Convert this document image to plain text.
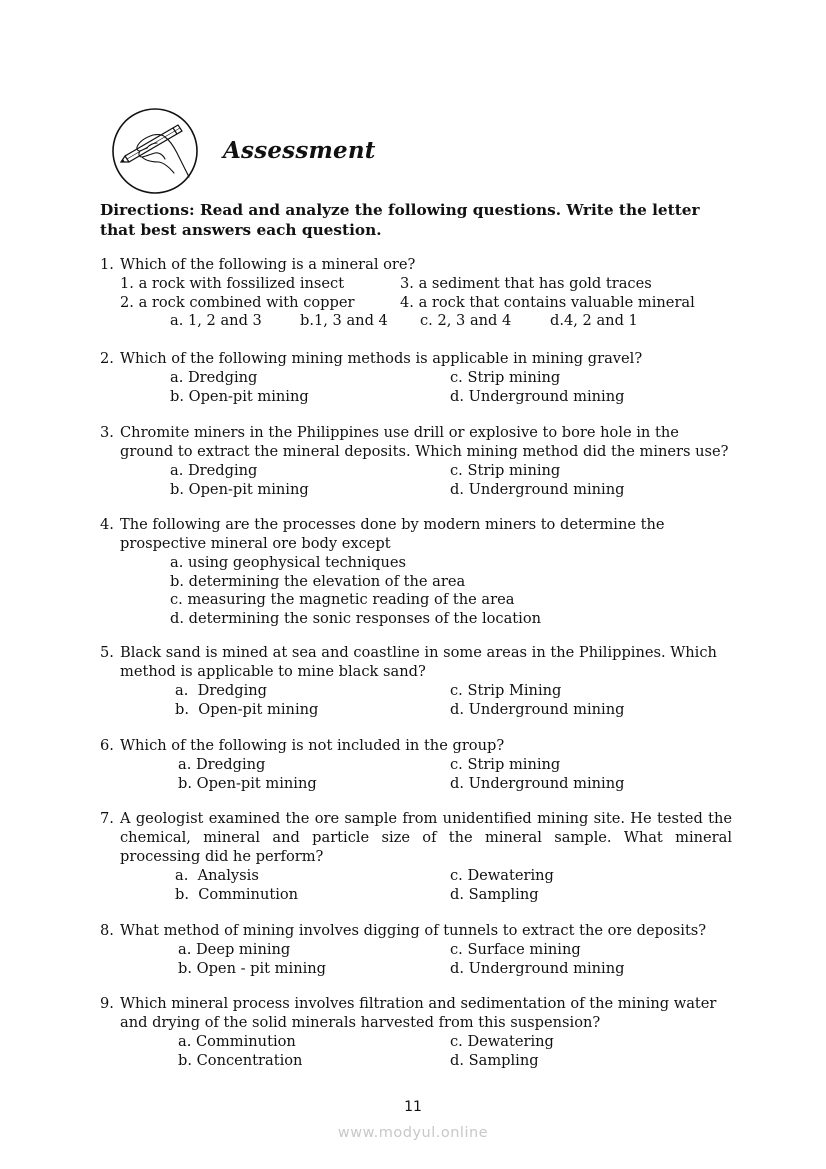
Assessment
Directions: Read and analyze the following questions. Write the letter that best answers each question.
1. Which of the following is a mineral ore?
1. a rock with fossilized insect	3. a sediment that has gold traces
2. a rock combined with copper	4. a rock that contains valuable mineral
a. 1, 2 and 3	b.1, 3 and 4 c. 2, 3 and 4	d.4, 2 and 1
2. Which of the following mining methods is applicable in mining gravel?
a. Dredging	c. Strip mining
b. Open-pit mining	d. Underground mining
3. Chromite miners in the Philippines use drill or explosive to bore hole in the ground to extract the mineral deposits. Which mining method did the miners use?
a. Dredging	c. Strip mining
b. Open-pit mining	d. Underground mining
4. The following are the processes done by modern miners to determine the prospective mineral ore body except
a. using geophysical techniques
b. determining the elevation of the area
c. measuring the magnetic reading of the area
d. determining the sonic responses of the location
5. Black sand is mined at sea and coastline in some areas in the Philippines. Which method is applicable to mine black sand?
a.  Dredging	c. Strip Mining
b.  Open-pit mining	d. Underground mining
6. Which of the following is not included in the group?
a. Dredging	c. Strip mining
b. Open-pit mining	d. Underground mining
7. A geologist examined the ore sample from unidentified mining site. He tested the chemical, mineral and particle size of the mineral sample. What mineral processing did he perform?
a.  Analysis	c. Dewatering
b.  Comminution	d. Sampling
8. What method of mining involves digging of tunnels to extract the ore deposits?
a. Deep mining	c. Surface mining
b. Open - pit mining	d. Underground mining
9. Which mineral process involves filtration and sedimentation of the mining water and drying of the solid minerals harvested from this suspension?
a. Comminution	c. Dewatering
b. Concentration	d. Sampling
11
www.modyul.online
